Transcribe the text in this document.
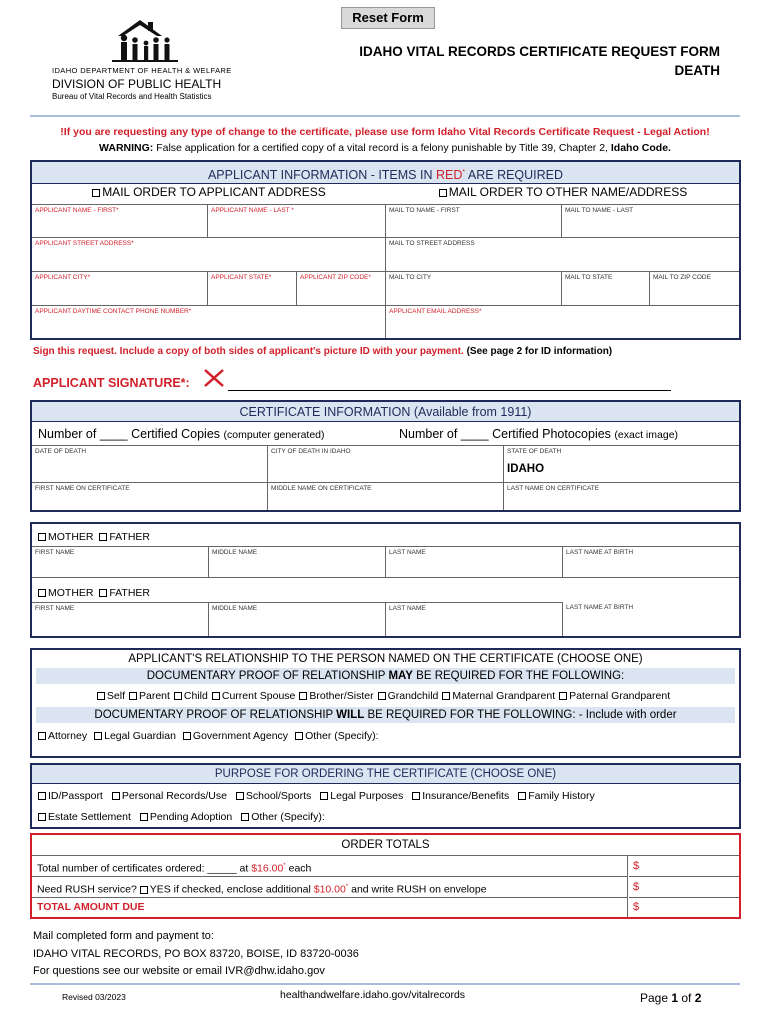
Reset Form
IDAHO DEPARTMENT OF HEALTH & WELFARE
DIVISION OF PUBLIC HEALTH
Bureau of Vital Records and Health Statistics
IDAHO VITAL RECORDS CERTIFICATE REQUEST FORM
DEATH
!If you are requesting any type of change to the certificate, please use form Idaho Vital Records Certificate Request - Legal Action!
WARNING: False application for a certified copy of a vital record is a felony punishable by Title 39, Chapter 2, Idaho Code.
APPLICANT INFORMATION - ITEMS IN RED* ARE REQUIRED
MAIL ORDER TO APPLICANT ADDRESS	MAIL ORDER TO OTHER NAME/ADDRESS
APPLICANT NAME - FIRST*	APPLICANT NAME - LAST *	MAIL TO NAME - FIRST	MAIL TO NAME - LAST
APPLICANT STREET ADDRESS*	MAIL TO STREET ADDRESS
APPLICANT CITY*	APPLICANT STATE*	APPLICANT ZIP CODE*	MAIL TO CITY	MAIL TO STATE	MAIL TO ZIP CODE
APPLICANT DAYTIME CONTACT PHONE NUMBER*	APPLICANT EMAIL ADDRESS*
Sign this request. Include a copy of both sides of applicant's picture ID with your payment. (See page 2 for ID information)
APPLICANT SIGNATURE*:
CERTIFICATE INFORMATION (Available from 1911)
Number of ____ Certified Copies (computer generated)	Number of ____ Certified Photocopies (exact image)
DATE OF DEATH	CITY OF DEATH IN IDAHO	STATE OF DEATH
IDAHO
FIRST NAME ON CERTIFICATE	MIDDLE NAME ON CERTIFICATE	LAST NAME ON CERTIFICATE
MOTHER FATHER
FIRST NAME	MIDDLE NAME	LAST NAME	LAST NAME AT BIRTH
MOTHER FATHER
FIRST NAME	MIDDLE NAME	LAST NAME	LAST NAME AT BIRTH
APPLICANT'S RELATIONSHIP TO THE PERSON NAMED ON THE CERTIFICATE (CHOOSE ONE)
DOCUMENTARY PROOF OF RELATIONSHIP MAY BE REQUIRED FOR THE FOLLOWING:
Self Parent Child Current Spouse Brother/Sister Grandchild Maternal Grandparent Paternal Grandparent
DOCUMENTARY PROOF OF RELATIONSHIP WILL BE REQUIRED FOR THE FOLLOWING: - Include with order
Attorney Legal Guardian Government Agency Other (Specify):
PURPOSE FOR ORDERING THE CERTIFICATE (CHOOSE ONE)
ID/Passport Personal Records/Use School/Sports Legal Purposes Insurance/Benefits Family History
Estate Settlement Pending Adoption Other (Specify):
ORDER TOTALS
Total number of certificates ordered: _____ at $16.00* each	$
Need RUSH service? YES if checked, enclose additional $10.00* and write RUSH on envelope	$
TOTAL AMOUNT DUE	$
Mail completed form and payment to:
IDAHO VITAL RECORDS, PO BOX 83720, BOISE, ID 83720-0036
For questions see our website or email IVR@dhw.idaho.gov
Revised 03/2023	healthandwelfare.idaho.gov/vitalrecords	Page 1 of 2
